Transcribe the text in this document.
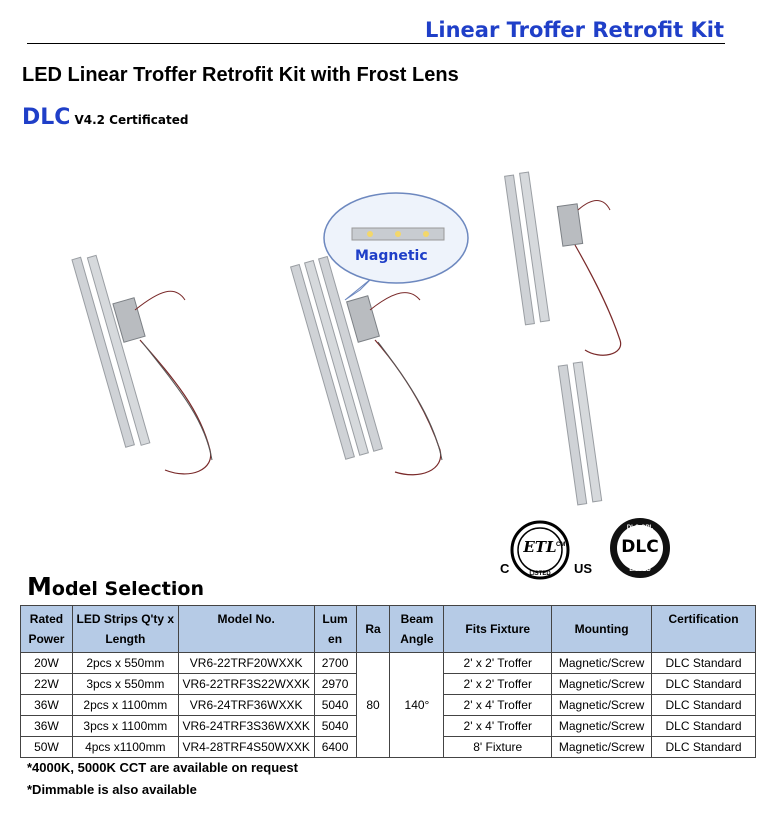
Linear Troffer Retrofit Kit
LED Linear Troffer Retrofit Kit with Frost Lens
DLC V4.2 Certificated
Magnetic
C	US
ETL
LISTED
CM	DLC
DLC QPL
LISTED
Model Selection
Rated Power	LED Strips Q'ty x Length	Model No.	Lum en	Ra	Beam Angle	Fits Fixture	Mounting	Certification
20W	2pcs x 550mm	VR6-22TRF20WXXK	2700	80	140°	2' x 2' Troffer	Magnetic/Screw	DLC Standard
22W	3pcs x 550mm	VR6-22TRF3S22WXXK	2970			2' x 2' Troffer	Magnetic/Screw	DLC Standard
36W	2pcs x 1100mm	VR6-24TRF36WXXK	5040			2' x 4' Troffer	Magnetic/Screw	DLC Standard
36W	3pcs x 1100mm	VR6-24TRF3S36WXXK	5040			2' x 4' Troffer	Magnetic/Screw	DLC Standard
50W	4pcs x1100mm	VR4-28TRF4S50WXXK	6400			8' Fixture	Magnetic/Screw	DLC Standard
*4000K, 5000K CCT are available on request
*Dimmable is also available
